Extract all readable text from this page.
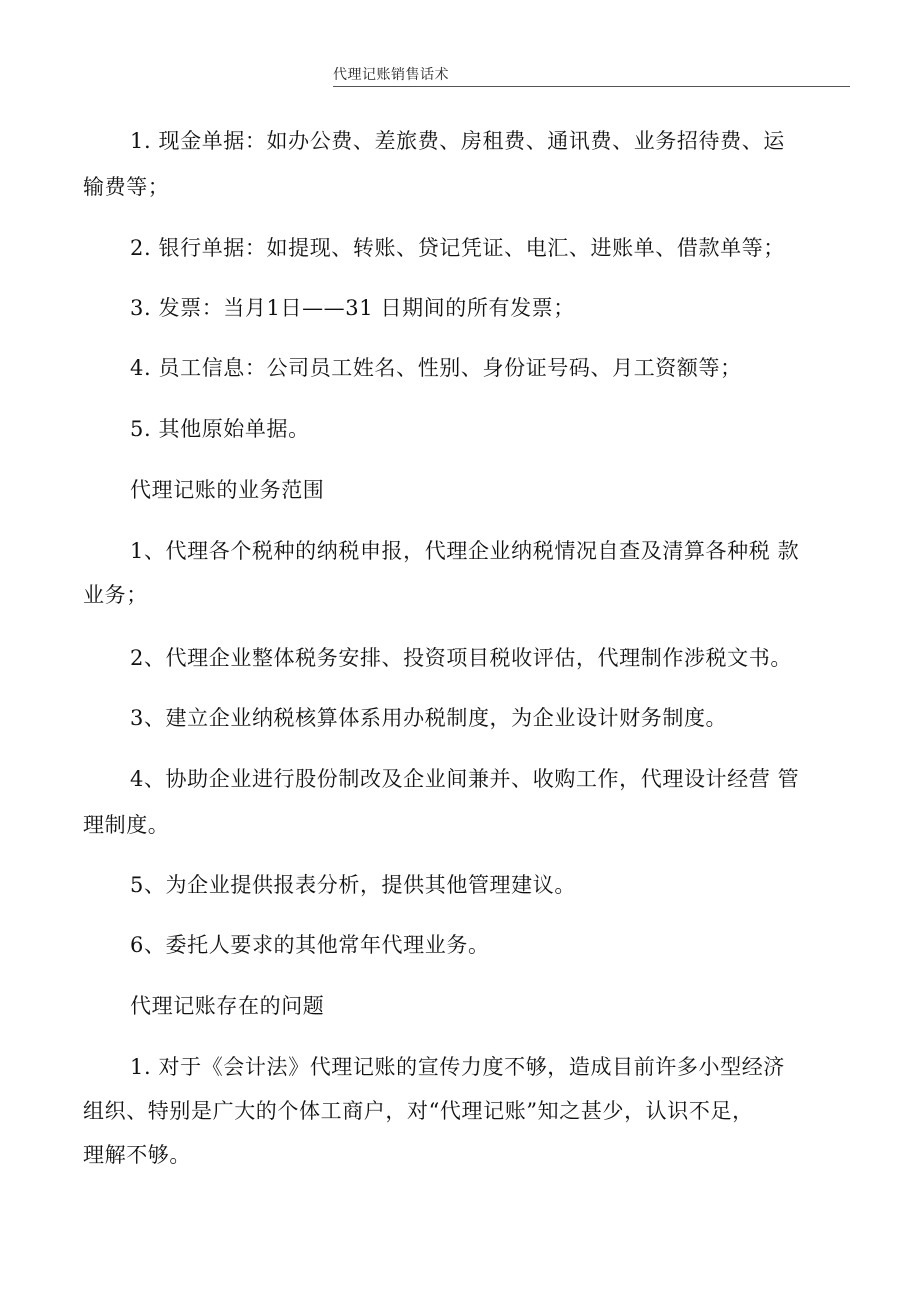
代理记账销售话术
1. 现金单据：如办公费、差旅费、房租费、通讯费、业务招待费、运
输费等；
2. 银行单据：如提现、转账、贷记凭证、电汇、进账单、借款单等；
3. 发票：当月1日——31 日期间的所有发票；
4. 员工信息：公司员工姓名、性别、身份证号码、月工资额等；
5. 其他原始单据。
代理记账的业务范围
1、代理各个税种的纳税申报，代理企业纳税情况自查及清算各种税 款
业务；
2、代理企业整体税务安排、投资项目税收评估，代理制作涉税文书。
3、建立企业纳税核算体系用办税制度，为企业设计财务制度。
4、协助企业进行股份制改及企业间兼并、收购工作，代理设计经营 管
理制度。
5、为企业提供报表分析，提供其他管理建议。
6、委托人要求的其他常年代理业务。
代理记账存在的问题
1. 对于《会计法》代理记账的宣传力度不够，造成目前许多小型经济
组织、特别是广大的个体工商户，对“代理记账”知之甚少，认识不足，
理解不够。
